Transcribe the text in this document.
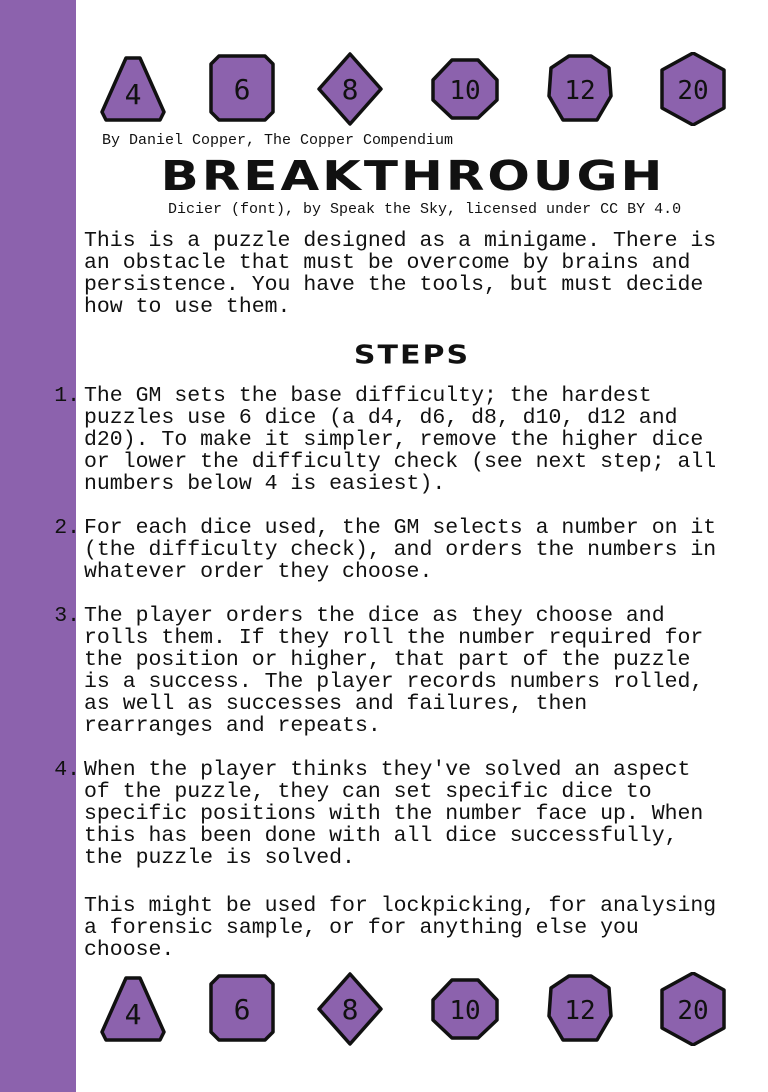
4	6	8	10	12	20
By Daniel Copper, The Copper Compendium
BREAKTHROUGH
Dicier (font), by Speak the Sky, licensed under CC BY 4.0
This is a puzzle designed as a minigame. There is
an obstacle that must be overcome by brains and
persistence. You have the tools, but must decide
how to use them.
STEPS
1. The GM sets the base difficulty; the hardest
puzzles use 6 dice (a d4, d6, d8, d10, d12 and
d20). To make it simpler, remove the higher dice
or lower the difficulty check (see next step; all
numbers below 4 is easiest).
2. For each dice used, the GM selects a number on it
(the difficulty check), and orders the numbers in
whatever order they choose.
3. The player orders the dice as they choose and
rolls them. If they roll the number required for
the position or higher, that part of the puzzle
is a success. The player records numbers rolled,
as well as successes and failures, then
rearranges and repeats.
4. When the player thinks they've solved an aspect
of the puzzle, they can set specific dice to
specific positions with the number face up. When
this has been done with all dice successfully,
the puzzle is solved.
This might be used for lockpicking, for analysing
a forensic sample, or for anything else you
choose.
4	6	8	10	12	20
